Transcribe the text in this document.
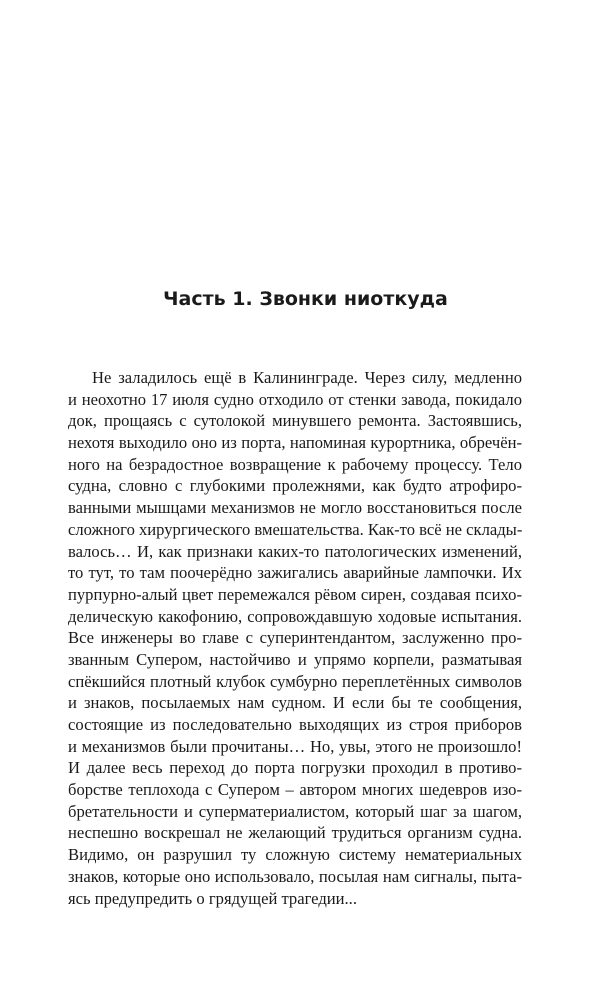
Часть 1. Звонки ниоткуда
Не заладилось ещё в Калининграде. Через силу, медленно
и неохотно 17 июля судно отходило от стенки завода, покидало
док, прощаясь с сутолокой минувшего ремонта. Застоявшись,
нехотя выходило оно из порта, напоминая курортника, обречён-
ного на безрадостное возвращение к рабочему процессу. Тело
судна, словно с глубокими пролежнями, как будто атрофиро-
ванными мышцами механизмов не могло восстановиться после
сложного хирургического вмешательства. Как-то всё не склады-
валось… И, как признаки каких-то патологических изменений,
то тут, то там поочерёдно зажигались аварийные лампочки. Их
пурпурно-алый цвет перемежался рёвом сирен, создавая психо-
делическую какофонию, сопровождавшую ходовые испытания.
Все инженеры во главе с суперинтендантом, заслуженно про-
званным Супером, настойчиво и упрямо корпели, разматывая
спёкшийся плотный клубок сумбурно переплетённых символов
и знаков, посылаемых нам судном. И если бы те сообщения,
состоящие из последовательно выходящих из строя приборов
и механизмов были прочитаны… Но, увы, этого не произошло!
И далее весь переход до порта погрузки проходил в противо-
борстве теплохода с Супером – автором многих шедевров изо-
бретательности и суперматериалистом, который шаг за шагом,
неспешно воскрешал не желающий трудиться организм судна.
Видимо, он разрушил ту сложную систему нематериальных
знаков, которые оно использовало, посылая нам сигналы, пыта-
ясь предупредить о грядущей трагедии...
